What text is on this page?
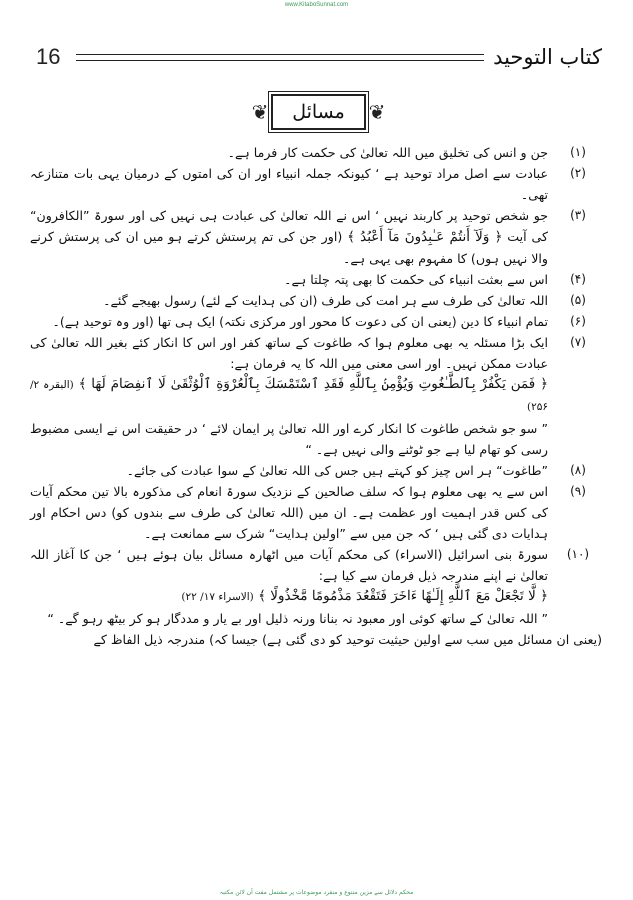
www.KitaboSunnat.com
کتاب التوحید
16
❦ مسائل ❦
(۱)

جن و انس کی تخلیق میں اللہ تعالیٰ کی حکمت کار فرما ہے۔

(۲)

عبادت سے اصل مراد توحید ہے ‘ کیونکہ جملہ انبیاء اور ان کی امتوں کے درمیان یہی بات متنازعہ تھی۔

(۳)

جو شخص توحید پر کاربند نہیں ‘ اس نے اللہ تعالیٰ کی عبادت ہی نہیں کی اور سورۃ ”الکافرون“ کی آیت ﴿ وَلَآ أَنتُمْ عَـٰبِدُونَ مَآ أَعْبُدُ ﴾ (اور جن کی تم پرستش کرتے ہو میں ان کی پرستش کرنے والا نہیں ہوں) کا مفہوم بھی یہی ہے۔

(۴)

اس سے بعثت انبیاء کی حکمت کا بھی پتہ چلتا ہے۔

(۵)

اللہ تعالیٰ کی طرف سے ہر امت کی طرف (ان کی ہدایت کے لئے) رسول بھیجے گئے۔

(۶)

تمام انبیاء کا دین (یعنی ان کی دعوت کا محور اور مرکزی نکتہ) ایک ہی تھا (اور وہ توحید ہے)۔

(۷)

ایک بڑا مسئلہ یہ بھی معلوم ہوا کہ طاغوت کے ساتھ کفر اور اس کا انکار کئے بغیر اللہ تعالیٰ کی عبادت ممکن نہیں۔ اور اسی معنی میں اللہ کا یہ فرمان ہے:

﴿ فَمَن يَكْفُرْ بِٱلطَّـٰغُوتِ وَيُؤْمِنۢ بِٱللَّهِ فَقَدِ ٱسْتَمْسَكَ بِٱلْعُرْوَةِ ٱلْوُثْقَىٰ لَا ٱنفِصَامَ لَهَا ﴾ (البقرہ ۲/ ۲۵۶)

” سو جو شخص طاغوت کا انکار کرے اور اللہ تعالیٰ پر ایمان لائے ‘ در حقیقت اس نے ایسی مضبوط رسی کو تھام لیا ہے جو ٹوٹنے والی نہیں ہے۔ “

(۸)

”طاغوت“ ہر اس چیز کو کہتے ہیں جس کی اللہ تعالیٰ کے سوا عبادت کی جائے۔

(۹)

اس سے یہ بھی معلوم ہوا کہ سلف صالحین کے نزدیک سورۃ انعام کی مذکورہ بالا تین محکم آیات کی کس قدر اہمیت اور عظمت ہے۔ ان میں (اللہ تعالیٰ کی طرف سے بندوں کو) دس احکام اور ہدایات دی گئی ہیں ‘ کہ جن میں سے ”اولین ہدایت“ شرک سے ممانعت ہے۔

(۱۰)

سورۃ بنی اسرائیل (الاسراء) کی محکم آیات میں اٹھارہ مسائل بیان ہوئے ہیں ‘ جن کا آغاز اللہ تعالیٰ نے اپنے مندرجہ ذیل فرمان سے کیا ہے:

﴿ لَّا تَجْعَلْ مَعَ ٱللَّهِ إِلَـٰهًا ءَاخَرَ فَتَقْعُدَ مَذْمُومًا مَّخْذُولًا ﴾ (الاسراء ۱۷/ ۲۲)

” اللہ تعالیٰ کے ساتھ کوئی اور معبود نہ بنانا ورنہ ذلیل اور بے یار و مددگار ہو کر بیٹھ رہو گے۔ “

(یعنی ان مسائل میں سب سے اولین حیثیت توحید کو دی گئی ہے) جیسا کہ) مندرجہ ذیل الفاظ کے

محکم دلائل سے مزین متنوع و منفرد موضوعات پر مشتمل مفت آن لائن مکتبہ
